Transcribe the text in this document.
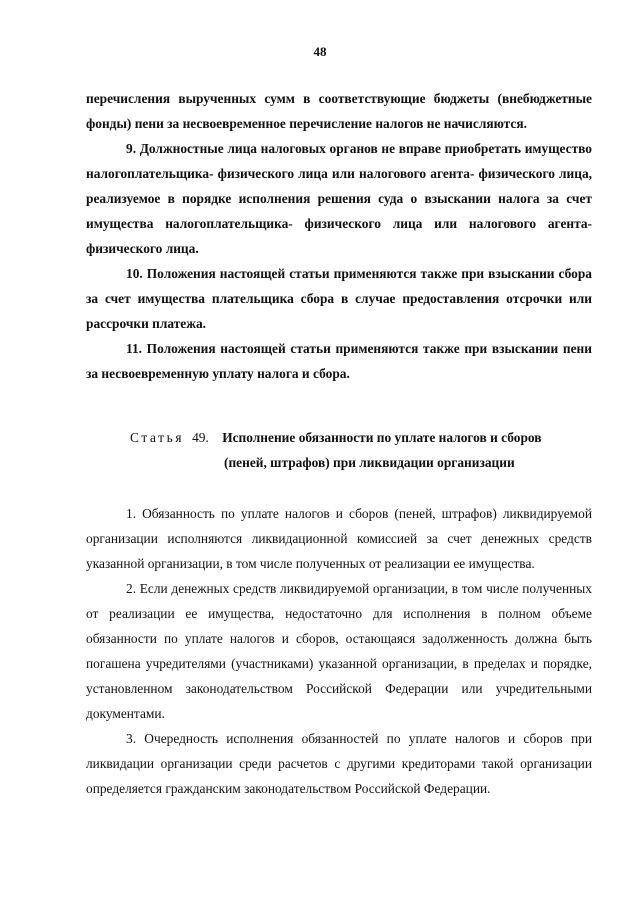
48

перечисления вырученных сумм в соответствующие бюджеты (внебюджетные фонды) пени за несвоевременное перечисление налогов не начисляются.

9. Должностные лица налоговых органов не вправе приобретать имущество налогоплательщика- физического лица или налогового агента- физического лица, реализуемое в порядке исполнения решения суда о взыскании налога за счет имущества налогоплательщика- физического лица или налогового агента- физического лица.

10. Положения настоящей статьи применяются также при взыскании сбора за счет имущества плательщика сбора в случае предоставления отсрочки или рассрочки платежа.

11. Положения настоящей статьи применяются также при взыскании пени за несвоевременную уплату налога и сбора.

Статья 49. Исполнение обязанности по уплате налогов и сборов
(пеней, штрафов) при ликвидации организации

1. Обязанность по уплате налогов и сборов (пеней, штрафов) ликвидируемой организации исполняются ликвидационной комиссией за счет денежных средств указанной организации, в том числе полученных от реализации ее имущества.

2. Если денежных средств ликвидируемой организации, в том числе полученных от реализации ее имущества, недостаточно для исполнения в полном объеме обязанности по уплате налогов и сборов, остающаяся задолженность должна быть погашена учредителями (участниками) указанной организации, в пределах и порядке, установленном законодательством Российской Федерации или учредительными документами.

3. Очередность исполнения обязанностей по уплате налогов и сборов при ликвидации организации среди расчетов с другими кредиторами такой организации определяется гражданским законодательством Российской Федерации.
